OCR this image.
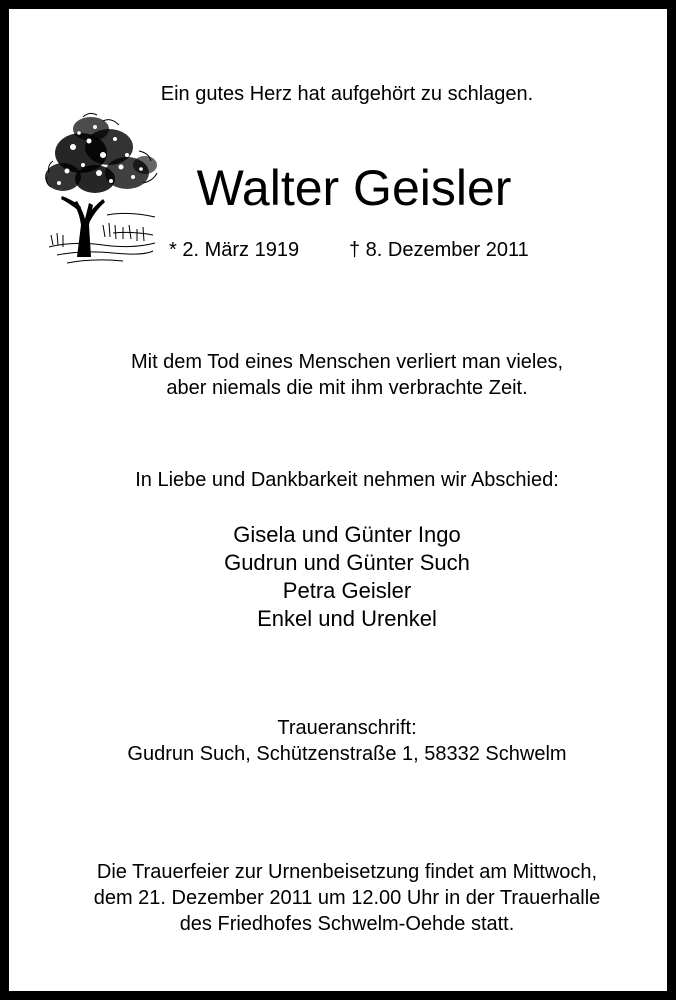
Ein gutes Herz hat aufgehört zu schlagen.
Walter Geisler
* 2. März 1919 † 8. Dezember 2011
Mit dem Tod eines Menschen verliert man vieles,
aber niemals die mit ihm verbrachte Zeit.
In Liebe und Dankbarkeit nehmen wir Abschied:
Gisela und Günter Ingo
Gudrun und Günter Such
Petra Geisler
Enkel und Urenkel
Traueranschrift:
Gudrun Such, Schützenstraße 1, 58332 Schwelm
Die Trauerfeier zur Urnenbeisetzung findet am Mittwoch,
dem 21. Dezember 2011 um 12.00 Uhr in der Trauerhalle
des Friedhofes Schwelm-Oehde statt.
